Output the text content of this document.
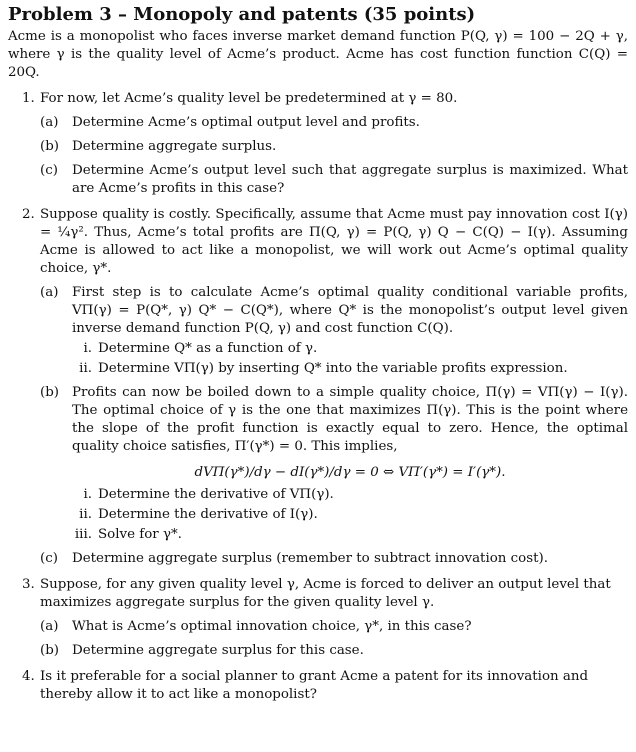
Problem 3 – Monopoly and patents (35 points)

Acme is a monopolist who faces inverse market demand function P(Q, γ) = 100 − 2Q + γ, where γ is the quality level of Acme’s product. Acme has cost function function C(Q) = 20Q.

1. For now, let Acme’s quality level be predetermined at γ = 80.

(a)	Determine Acme’s optimal output level and profits.
(b) Determine aggregate surplus.
(c)	Determine Acme’s output level such that aggregate surplus is maximized. What are Acme’s profits in this case?
2. Suppose quality is costly. Specifically, assume that Acme must pay innovation cost I(γ) = ¼γ². Thus, Acme’s total profits are Π(Q, γ) = P(Q, γ) Q − C(Q) − I(γ). Assuming Acme is allowed to act like a monopolist, we will work out Acme’s optimal quality choice, γ*.

(a)	First step is to calculate Acme’s optimal quality conditional variable profits, VΠ(γ) = P(Q*, γ) Q* − C(Q*), where Q* is the monopolist’s output level given inverse demand function P(Q, γ) and cost function C(Q).

i. Determine Q* as a function of γ.
ii. Determine VΠ(γ) by inserting Q* into the variable profits expression.
(b) Profits can now be boiled down to a simple quality choice, Π(γ) = VΠ(γ) − I(γ). The optimal choice of γ is the one that maximizes Π(γ). This is the point where the slope of the profit function is exactly equal to zero. Hence, the optimal quality choice satisfies, Π′(γ*) = 0. This implies,

dVΠ(γ*)/dγ − dI(γ*)/dγ = 0 ⇔ VΠ′(γ*) = I′(γ*).
i. Determine the derivative of VΠ(γ).
ii. Determine the derivative of I(γ).
iii. Solve for γ*.
(c)	Determine aggregate surplus (remember to subtract innovation cost).
3. Suppose, for any given quality level γ, Acme is forced to deliver an output level that maximizes aggregate surplus for the given quality level γ.

(a)	What is Acme’s optimal innovation choice, γ*, in this case?
(b) Determine aggregate surplus for this case.
4. Is it preferable for a social planner to grant Acme a patent for its innovation and thereby allow it to act like a monopolist?
